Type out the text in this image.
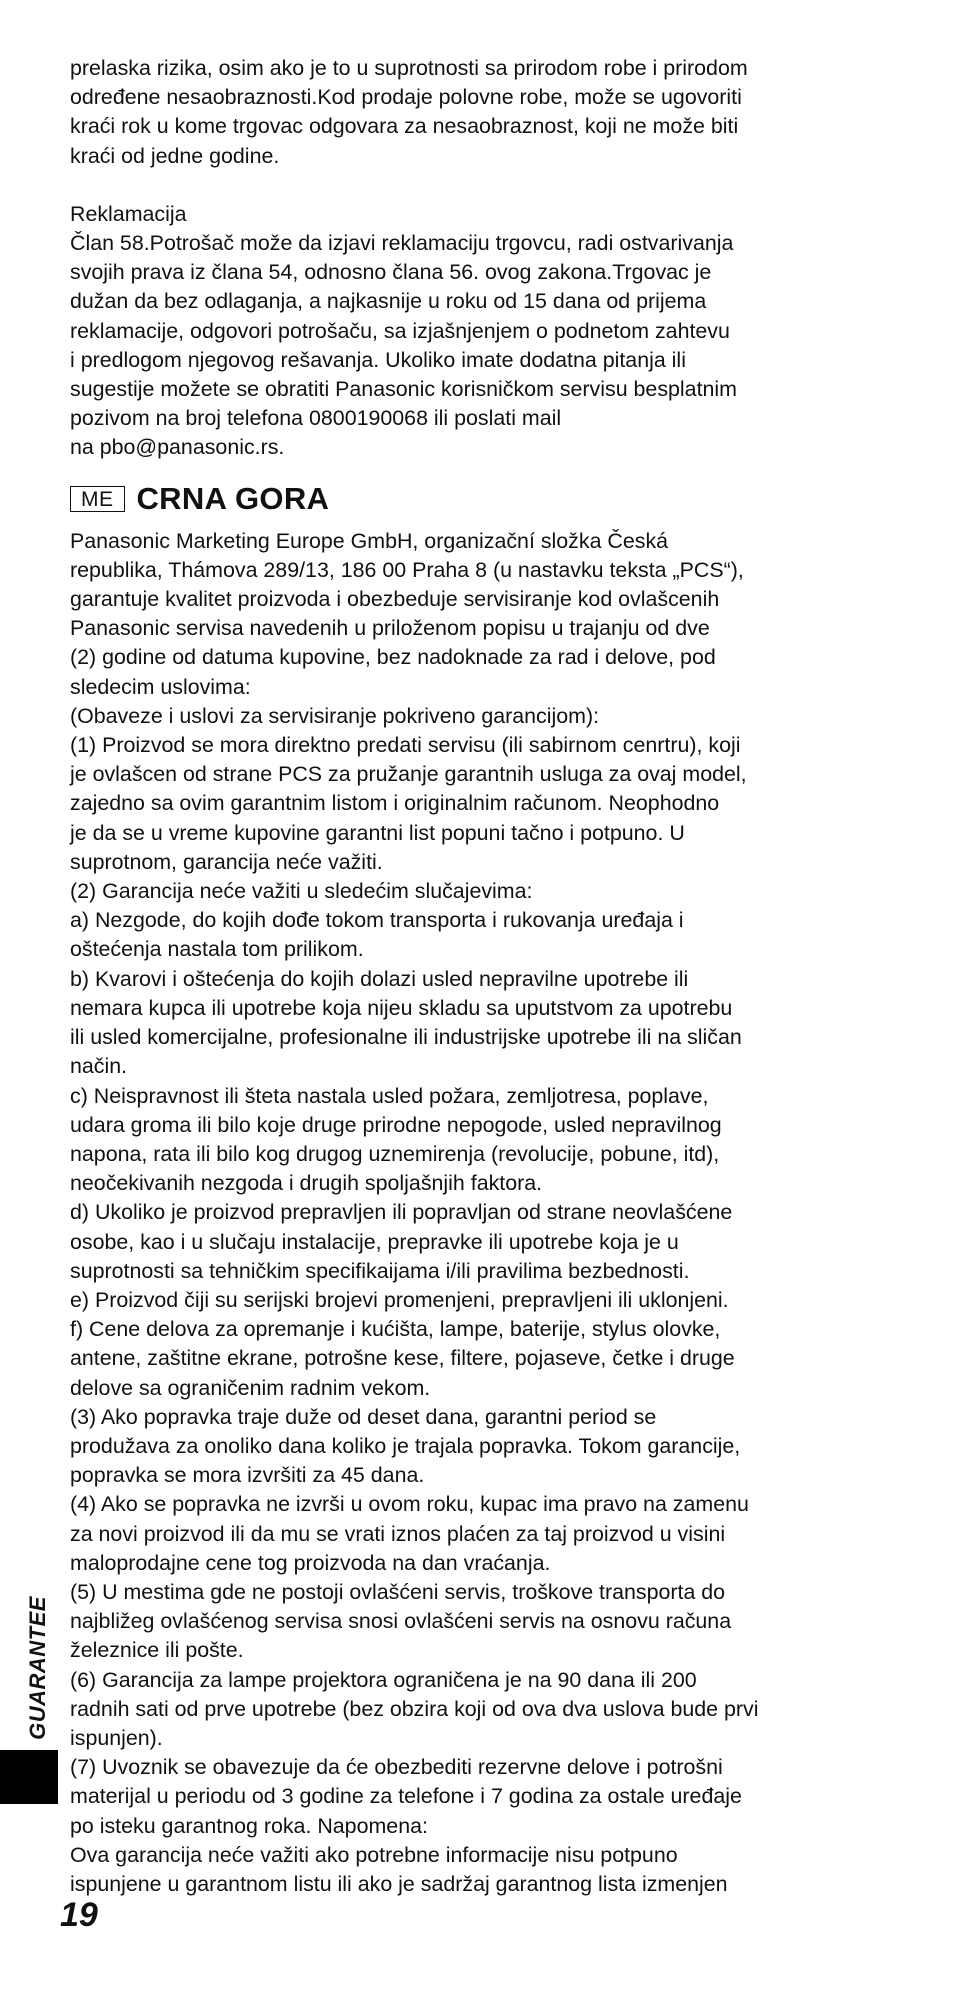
prelaska rizika, osim ako je to u suprotnosti sa prirodom robe i prirodom
određene nesaobraznosti.Kod prodaje polovne robe, može se ugovoriti
kraći rok u kome trgovac odgovara za nesaobraznost, koji ne može biti
kraći od jedne godine.

Reklamacija
Član 58.Potrošač može da izjavi reklamaciju trgovcu, radi ostvarivanja
svojih prava iz člana 54, odnosno člana 56. ovog zakona.Trgovac je
dužan da bez odlaganja, a najkasnije u roku od 15 dana od prijema
reklamacije, odgovori potrošaču, sa izjašnjenjem o podnetom zahtevu
i predlogom njegovog rešavanja. Ukoliko imate dodatna pitanja ili
sugestije možete se obratiti Panasonic korisničkom servisu besplatnim
pozivom na broj telefona 0800190068 ili poslati mail
na pbo@panasonic.rs.

ME CRNA GORA

Panasonic Marketing Europe GmbH, organizační složka Česká
republika, Thámova 289/13, 186 00 Praha 8 (u nastavku teksta „PCS“),
garantuje kvalitet proizvoda i obezbeduje servisiranje kod ovlašcenih
Panasonic servisa navedenih u priloženom popisu u trajanju od dve
(2) godine od datuma kupovine, bez nadoknade za rad i delove, pod
sledecim uslovima:
(Obaveze i uslovi za servisiranje pokriveno garancijom):
(1) Proizvod se mora direktno predati servisu (ili sabirnom cenrtru), koji
je ovlašcen od strane PCS za pružanje garantnih usluga za ovaj model,
zajedno sa ovim garantnim listom i originalnim računom. Neophodno
je da se u vreme kupovine garantni list popuni tačno i potpuno. U
suprotnom, garancija neće važiti.
(2) Garancija neće važiti u sledećim slučajevima:
a) Nezgode, do kojih dođe tokom transporta i rukovanja uređaja i
oštećenja nastala tom prilikom.
b) Kvarovi i oštećenja do kojih dolazi usled nepravilne upotrebe ili
nemara kupca ili upotrebe koja nijeu skladu sa uputstvom za upotrebu
ili usled komercijalne, profesionalne ili industrijske upotrebe ili na sličan
način.
c) Neispravnost ili šteta nastala usled požara, zemljotresa, poplave,
udara groma ili bilo koje druge prirodne nepogode, usled nepravilnog
napona, rata ili bilo kog drugog uznemirenja (revolucije, pobune, itd),
neočekivanih nezgoda i drugih spoljašnjih faktora.
d) Ukoliko je proizvod prepravljen ili popravljan od strane neovlašćene
osobe, kao i u slučaju instalacije, prepravke ili upotrebe koja je u
suprotnosti sa tehničkim specifikaijama i/ili pravilima bezbednosti.
e) Proizvod čiji su serijski brojevi promenjeni, prepravljeni ili uklonjeni.
f) Cene delova za opremanje i kućišta, lampe, baterije, stylus olovke,
antene, zaštitne ekrane, potrošne kese, filtere, pojaseve, četke i druge
delove sa ograničenim radnim vekom.
(3) Ako popravka traje duže od deset dana, garantni period se
produžava za onoliko dana koliko je trajala popravka. Tokom garancije,
popravka se mora izvršiti za 45 dana.
(4) Ako se popravka ne izvrši u ovom roku, kupac ima pravo na zamenu
za novi proizvod ili da mu se vrati iznos plaćen za taj proizvod u visini
maloprodajne cene tog proizvoda na dan vraćanja.
(5) U mestima gde ne postoji ovlašćeni servis, troškove transporta do
najbližeg ovlašćenog servisa snosi ovlašćeni servis na osnovu računa
železnice ili pošte.
(6) Garancija za lampe projektora ograničena je na 90 dana ili 200
radnih sati od prve upotrebe (bez obzira koji od ova dva uslova bude prvi
ispunjen).
(7) Uvoznik se obavezuje da će obezbediti rezervne delove i potrošni
materijal u periodu od 3 godine za telefone i 7 godina za ostale uređaje
po isteku garantnog roka. Napomena:
Ova garancija neće važiti ako potrebne informacije nisu potpuno
ispunjene u garantnom listu ili ako je sadržaj garantnog lista izmenjen

GUARANTEE
19
